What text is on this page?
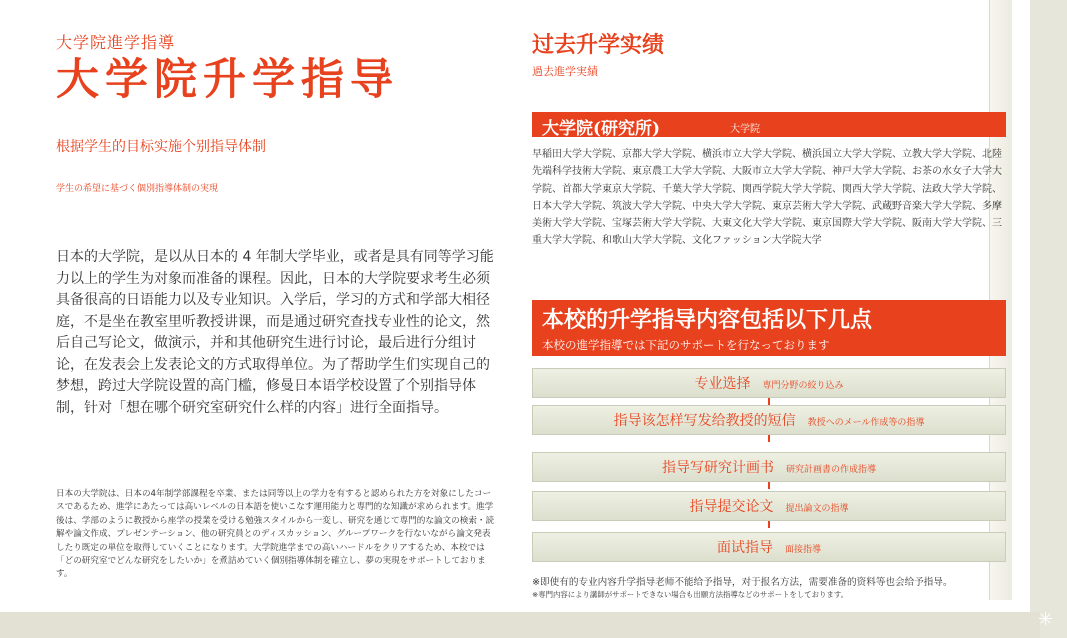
大学院進学指導
大学院升学指导
根据学生的目标实施个别指导体制
学生の希望に基づく個別指導体制の実現
日本的大学院，是以从日本的 4 年制大学毕业，或者是具有同等学习能力以上的学生为对象而准备的课程。因此，日本的大学院要求考生必须具备很高的日语能力以及专业知识。入学后，学习的方式和学部大相径庭，不是坐在教室里听教授讲课，而是通过研究查找专业性的论文，然后自己写论文，做演示，并和其他研究生进行讨论，最后进行分组讨论，在发表会上发表论文的方式取得单位。为了帮助学生们实现自己的梦想，跨过大学院设置的高门槛，修曼日本语学校设置了个别指导体制，针对「想在哪个研究室研究什么样的内容」进行全面指导。
日本の大学院は、日本の4年制学部課程を卒業、または同等以上の学力を有すると認められた方を対象にしたコースであるため、進学にあたっては高いレベルの日本語を使いこなす運用能力と専門的な知識が求められます。進学後は、学部のように教授から座学の授業を受ける勉強スタイルから一変し、研究を通じて専門的な論文の検索・読解や論文作成、プレゼンテーション、他の研究員とのディスカッション、グループワークを行ないながら論文発表したり既定の単位を取得していくことになります。大学院進学までの高いハードルをクリアするため、本校では「どの研究室でどんな研究をしたいか」を煮詰めていく個別指導体制を確立し、夢の実現をサポートしております。
过去升学实绩
過去進学実績
大学院(研究所)	大学院
早稲田大学大学院、京都大学大学院、横浜市立大学大学院、横浜国立大学大学院、立教大学大学院、北陸先端科学技術大学院、東京農工大学大学院、大阪市立大学大学院、神戸大学大学院、お茶の水女子大学大学院、首都大学東京大学院、千葉大学大学院、関西学院大学大学院、関西大学大学院、法政大学大学院、日本大学大学院、筑波大学大学院、中央大学大学院、東京芸術大学大学院、武蔵野音楽大学大学院、多摩美術大学大学院、宝塚芸術大学大学院、大東文化大学大学院、東京国際大学大学院、阪南大学大学院、三重大学大学院、和歌山大学大学院、文化ファッション大学院大学
本校的升学指导内容包括以下几点
本校の進学指導では下記のサポートを行なっております
专业选择 専門分野の絞り込み
指导该怎样写发给教授的短信 教授へのメール作成等の指導
指导写研究计画书 研究計画書の作成指導
指导提交论文 提出論文の指導
面试指导 面接指導
※即使有的专业内容升学指导老师不能给予指导，对于报名方法，需要准备的资料等也会给予指导。
※専門内容により講師がサポートできない場合も出願方法指導などのサポートをしております。
✳
